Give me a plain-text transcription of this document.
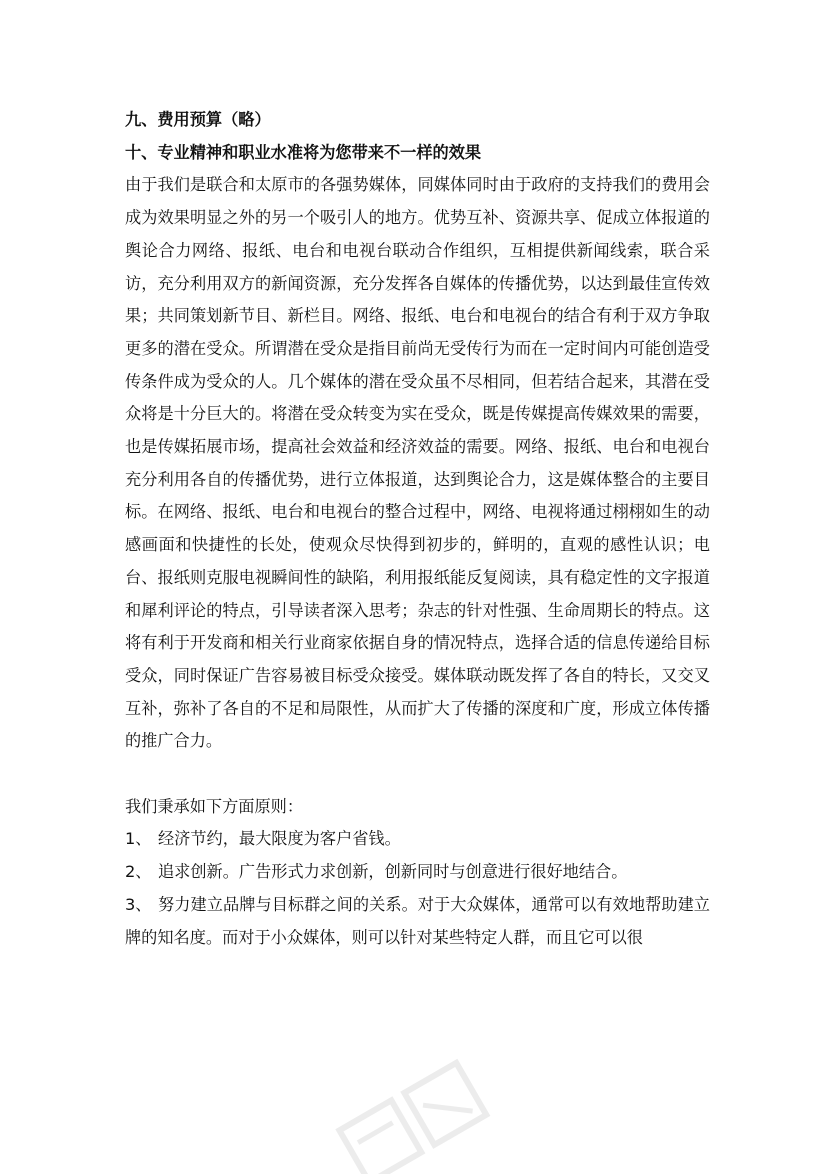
九、费用预算（略）

十、专业精神和职业水准将为您带来不一样的效果

由于我们是联合和太原市的各强势媒体，同媒体同时由于政府的支持我们的费用会成为效果明显之外的另一个吸引人的地方。优势互补、资源共享、促成立体报道的舆论合力网络、报纸、电台和电视台联动合作组织，互相提供新闻线索，联合采访，充分利用双方的新闻资源，充分发挥各自媒体的传播优势，以达到最佳宣传效果；共同策划新节目、新栏目。网络、报纸、电台和电视台的结合有利于双方争取更多的潜在受众。所谓潜在受众是指目前尚无受传行为而在一定时间内可能创造受传条件成为受众的人。几个媒体的潜在受众虽不尽相同，但若结合起来，其潜在受众将是十分巨大的。将潜在受众转变为实在受众，既是传媒提高传媒效果的需要，也是传媒拓展市场，提高社会效益和经济效益的需要。网络、报纸、电台和电视台充分利用各自的传播优势，进行立体报道，达到舆论合力，这是媒体整合的主要目标。在网络、报纸、电台和电视台的整合过程中，网络、电视将通过栩栩如生的动感画面和快捷性的长处，使观众尽快得到初步的，鲜明的，直观的感性认识；电台、报纸则克服电视瞬间性的缺陷，利用报纸能反复阅读，具有稳定性的文字报道和犀利评论的特点，引导读者深入思考；杂志的针对性强、生命周期长的特点。这将有利于开发商和相关行业商家依据自身的情况特点，选择合适的信息传递给目标受众，同时保证广告容易被目标受众接受。媒体联动既发挥了各自的特长，又交叉互补，弥补了各自的不足和局限性，从而扩大了传播的深度和广度，形成立体传播的推广合力。

我们秉承如下方面原则：

1、 经济节约，最大限度为客户省钱。

2、 追求创新。广告形式力求创新，创新同时与创意进行很好地结合。

3、 努力建立品牌与目标群之间的关系。对于大众媒体，通常可以有效地帮助建立牌的知名度。而对于小众媒体，则可以针对某些特定人群，而且它可以很
